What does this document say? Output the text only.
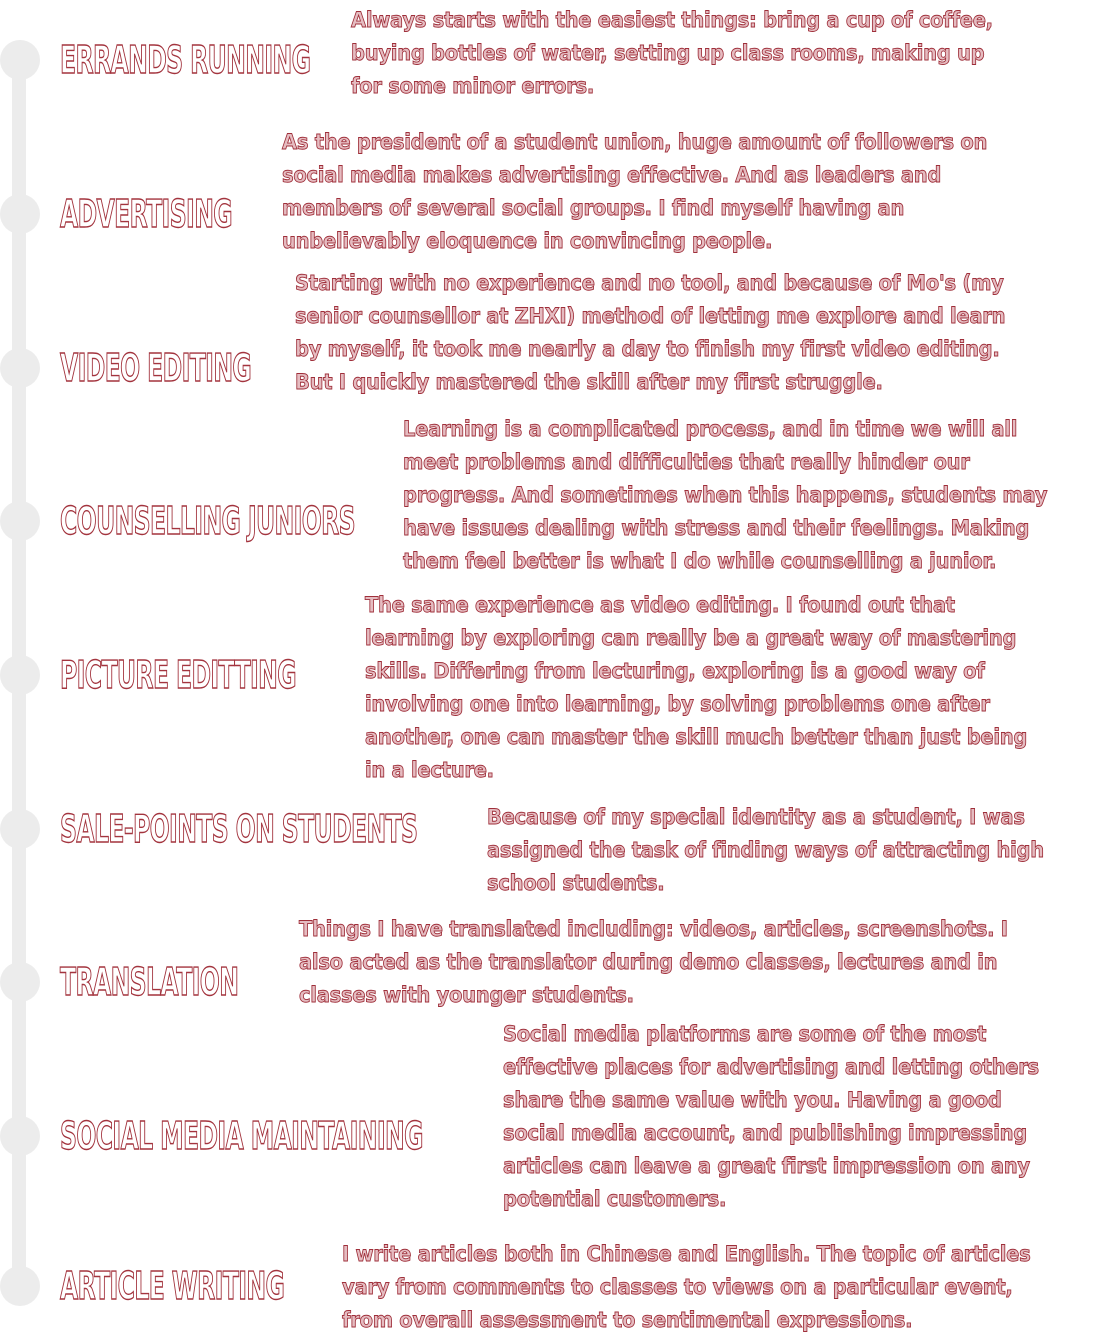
ERRANDS RUNNING
Always starts with the easiest things: bring a cup of coffee,
buying bottles of water, setting up class rooms, making up
for some minor errors.
ADVERTISING
As the president of a student union, huge amount of followers on
social media makes advertising effective. And as leaders and
members of several social groups. I find myself having an
unbelievably eloquence in convincing people.
VIDEO EDITING
Starting with no experience and no tool, and because of Mo's (my
senior counsellor at ZHXI) method of letting me explore and learn
by myself, it took me nearly a day to finish my first video editing.
But I quickly mastered the skill after my first struggle.
COUNSELLING JUNIORS
Learning is a complicated process, and in time we will all
meet problems and difficulties that really hinder our
progress. And sometimes when this happens, students may
have issues dealing with stress and their feelings. Making
them feel better is what I do while counselling a junior.
PICTURE EDITTING
The same experience as video editing. I found out that
learning by exploring can really be a great way of mastering
skills. Differing from lecturing, exploring is a good way of
involving one into learning, by solving problems one after
another, one can master the skill much better than just being
in a lecture.
SALE-POINTS ON STUDENTS	Because of my special identity as a student, I was
assigned the task of finding ways of attracting high
school students.
TRANSLATION
Things I have translated including: videos, articles, screenshots. I
also acted as the translator during demo classes, lectures and in
classes with younger students.
SOCIAL MEDIA MAINTAINING
Social media platforms are some of the most
effective places for advertising and letting others
share the same value with you. Having a good
social media account, and publishing impressing
articles can leave a great first impression on any
potential customers.
ARTICLE WRITING
I write articles both in Chinese and English. The topic of articles
vary from comments to classes to views on a particular event,
from overall assessment to sentimental expressions.
